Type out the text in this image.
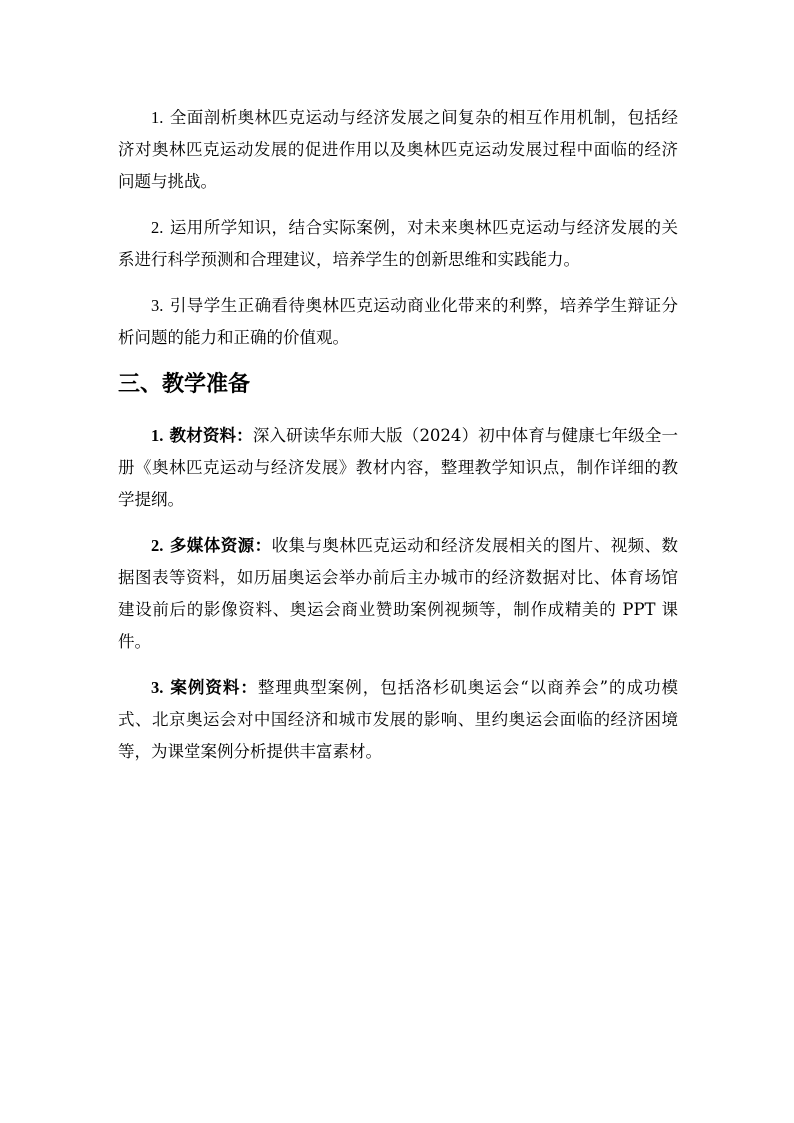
1. 全面剖析奥林匹克运动与经济发展之间复杂的相互作用机制，包括经济对奥林匹克运动发展的促进作用以及奥林匹克运动发展过程中面临的经济问题与挑战。

2. 运用所学知识，结合实际案例，对未来奥林匹克运动与经济发展的关系进行科学预测和合理建议，培养学生的创新思维和实践能力。

3. 引导学生正确看待奥林匹克运动商业化带来的利弊，培养学生辩证分析问题的能力和正确的价值观。

三、教学准备

1. 教材资料：深入研读华东师大版（2024）初中体育与健康七年级全一册《奥林匹克运动与经济发展》教材内容，整理教学知识点，制作详细的教学提纲。

2. 多媒体资源：收集与奥林匹克运动和经济发展相关的图片、视频、数据图表等资料，如历届奥运会举办前后主办城市的经济数据对比、体育场馆建设前后的影像资料、奥运会商业赞助案例视频等，制作成精美的 PPT 课件。

3. 案例资料：整理典型案例，包括洛杉矶奥运会“以商养会”的成功模式、北京奥运会对中国经济和城市发展的影响、里约奥运会面临的经济困境等，为课堂案例分析提供丰富素材。
